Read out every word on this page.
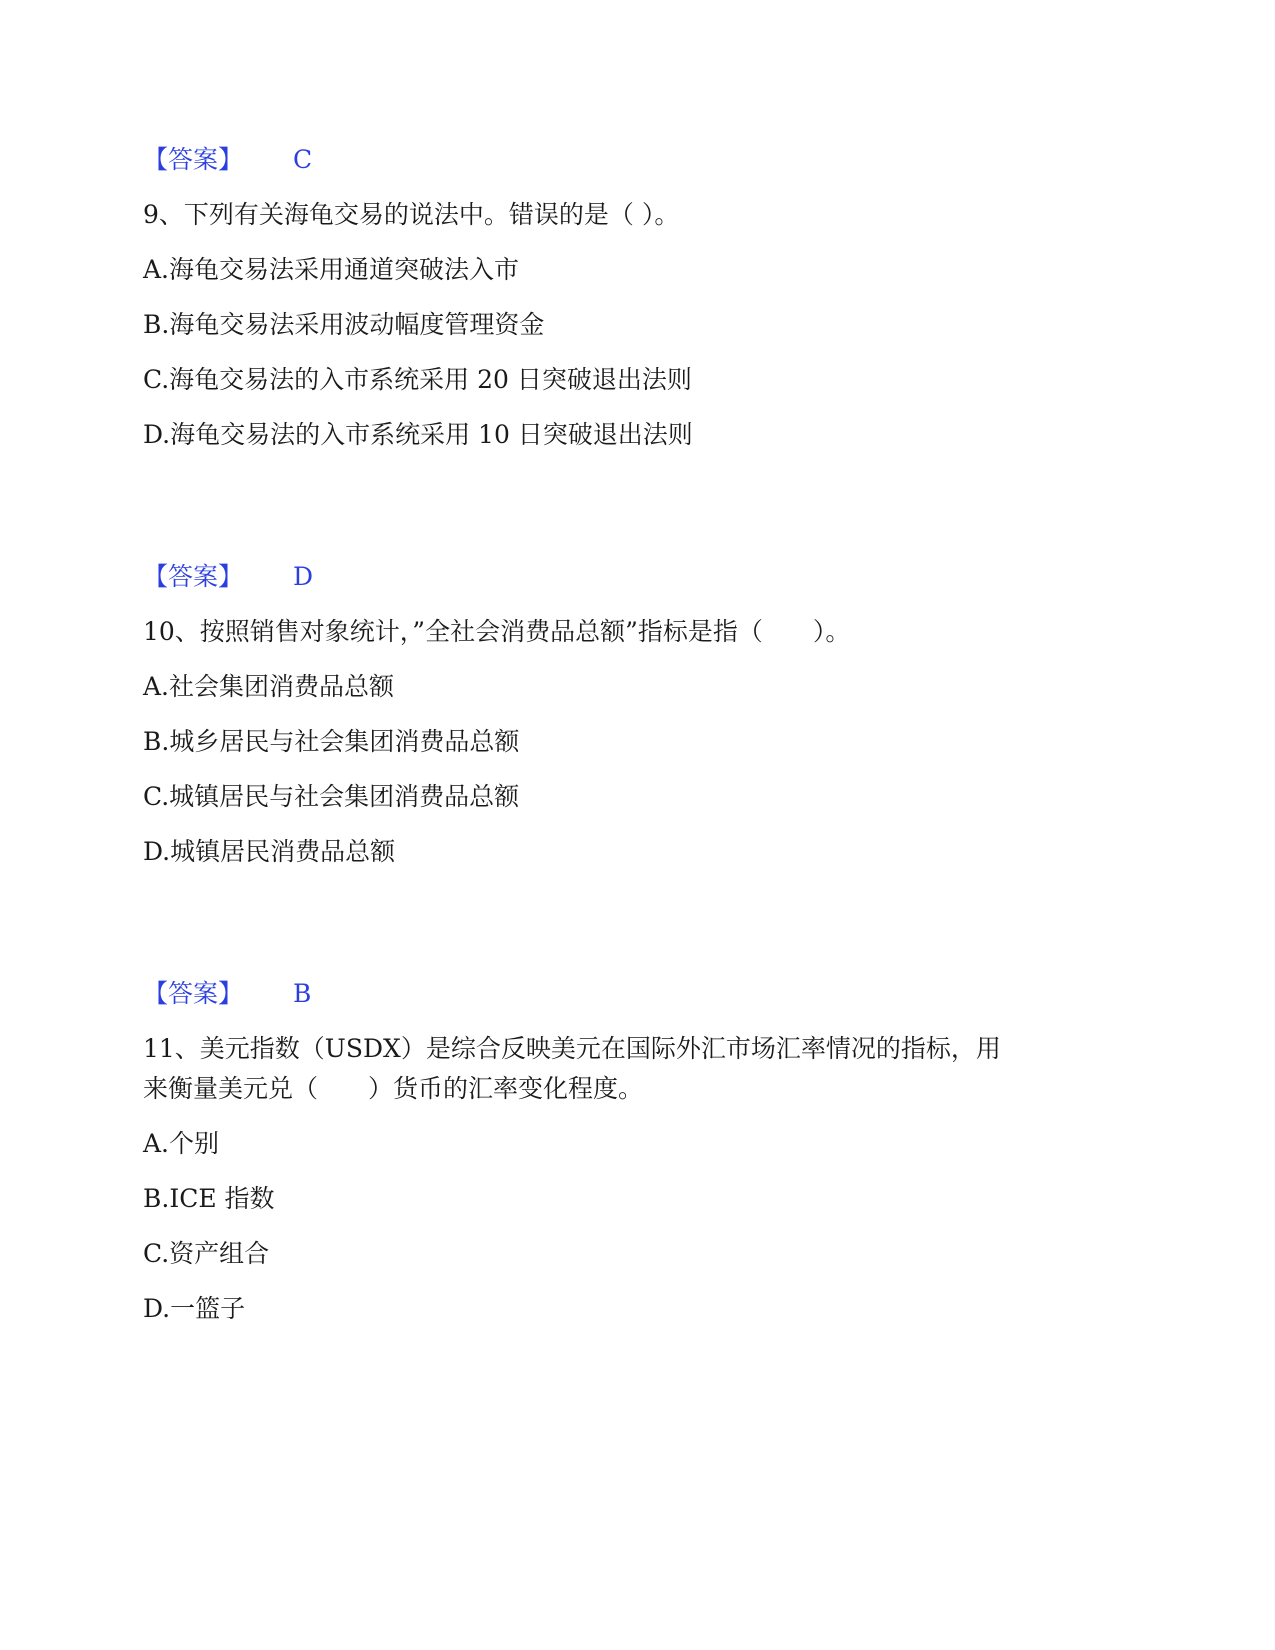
【答案】 C
9、下列有关海龟交易的说法中。错误的是（ ）。
A.海龟交易法采用通道突破法入市
B.海龟交易法采用波动幅度管理资金
C.海龟交易法的入市系统采用 20 日突破退出法则
D.海龟交易法的入市系统采用 10 日突破退出法则
【答案】 D
10、按照销售对象统计，”全社会消费品总额”指标是指（　　）。
A.社会集团消费品总额
B.城乡居民与社会集团消费品总额
C.城镇居民与社会集团消费品总额
D.城镇居民消费品总额
【答案】 B
11、美元指数（USDX）是综合反映美元在国际外汇市场汇率情况的指标，用
来衡量美元兑（　　）货币的汇率变化程度。
A.个别
B.ICE 指数
C.资产组合
D.一篮子
